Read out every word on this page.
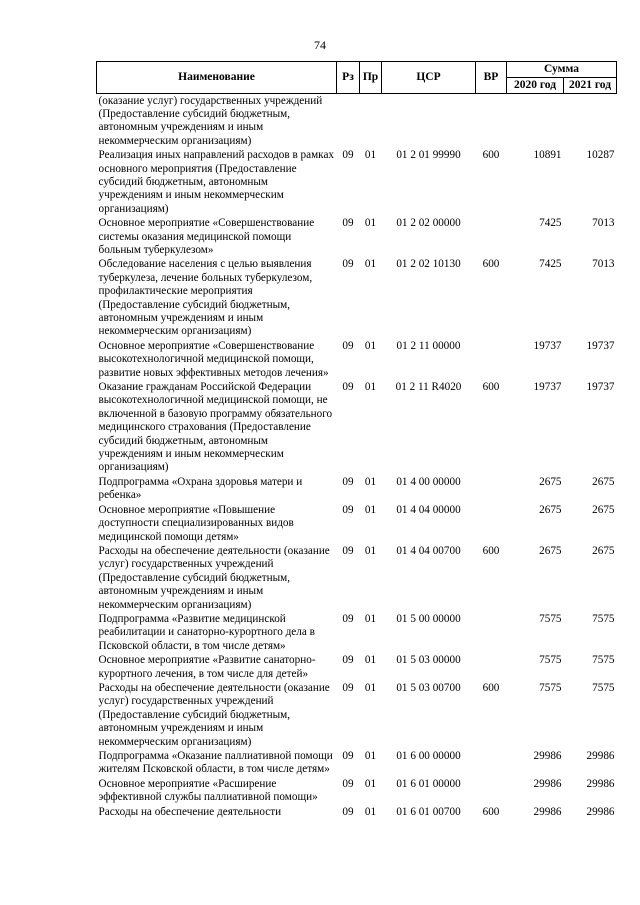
74
Наименование	Рз	Пр	ЦСР	ВР	Сумма	
					2020 год	2021 год
(оказание услуг) государственных учреждений (Предоставление субсидий бюджетным, автономным учреждениям и иным некоммерческим организациям)						
Реализация иных направлений расходов в рамках основного мероприятия (Предоставление субсидий бюджетным, автономным учреждениям и иным некоммерческим организациям)	09	01	01 2 01 99990	600	10891	10287
Основное мероприятие «Совершенствование системы оказания медицинской помощи больным туберкулезом»	09	01	01 2 02 00000		7425	7013
Обследование населения с целью выявления туберкулеза, лечение больных туберкулезом, профилактические мероприятия (Предоставление субсидий бюджетным, автономным учреждениям и иным некоммерческим организациям)	09	01	01 2 02 10130	600	7425	7013
Основное мероприятие «Совершенствование высокотехнологичной медицинской помощи, развитие новых эффективных методов лечения»	09	01	01 2 11 00000		19737	19737
Оказание гражданам Российской Федерации высокотехнологичной медицинской помощи, не включенной в базовую программу обязательного медицинского страхования (Предоставление субсидий бюджетным, автономным учреждениям и иным некоммерческим организациям)	09	01	01 2 11 R4020	600	19737	19737
Подпрограмма «Охрана здоровья матери и ребенка»	09	01	01 4 00 00000		2675	2675
Основное мероприятие «Повышение доступности специализированных видов медицинской помощи детям»	09	01	01 4 04 00000		2675	2675
Расходы на обеспечение деятельности (оказание услуг) государственных учреждений (Предоставление субсидий бюджетным, автономным учреждениям и иным некоммерческим организациям)	09	01	01 4 04 00700	600	2675	2675
Подпрограмма «Развитие медицинской реабилитации и санаторно-курортного дела в Псковской области, в том числе детям»	09	01	01 5 00 00000		7575	7575
Основное мероприятие «Развитие санаторно-курортного лечения, в том числе для детей»	09	01	01 5 03 00000		7575	7575
Расходы на обеспечение деятельности (оказание услуг) государственных учреждений (Предоставление субсидий бюджетным, автономным учреждениям и иным некоммерческим организациям)	09	01	01 5 03 00700	600	7575	7575
Подпрограмма «Оказание паллиативной помощи жителям Псковской области, в том числе детям»	09	01	01 6 00 00000		29986	29986
Основное мероприятие «Расширение эффективной службы паллиативной помощи»	09	01	01 6 01 00000		29986	29986
Расходы на обеспечение деятельности	09	01	01 6 01 00700	600	29986	29986
